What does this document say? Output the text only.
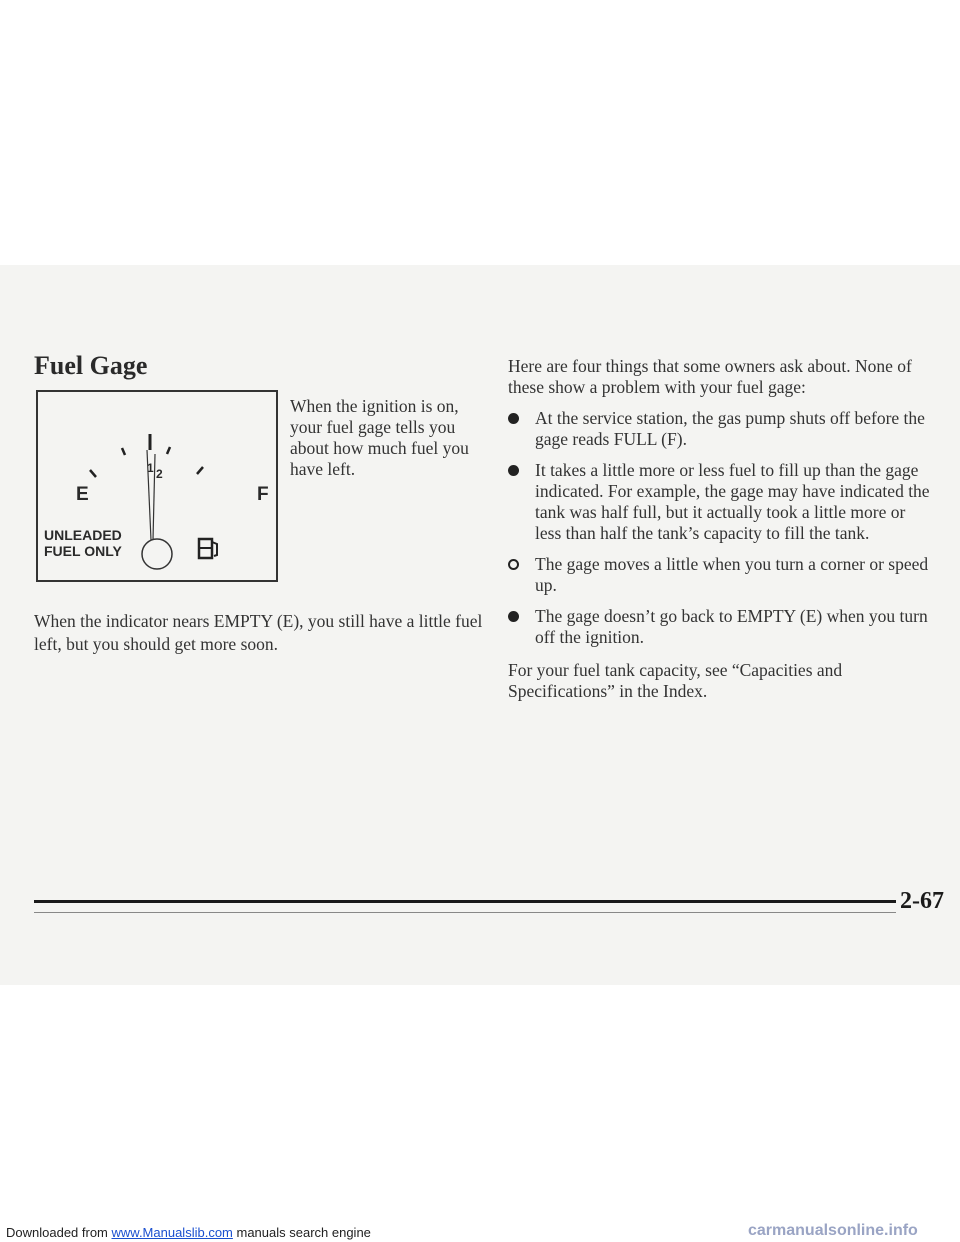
Fuel Gage
E	F
1 2
UNLEADED
FUEL ONLY

When the ignition is on, your fuel gage tells you about how much fuel you have left.

When the indicator nears EMPTY (E), you still have a little fuel left, but you should get more soon.

Here are four things that some owners ask about. None of these show a problem with your fuel gage:

At the service station, the gas pump shuts off before the gage reads FULL (F).
It takes a little more or less fuel to fill up than the gage indicated. For example, the gage may have indicated the tank was half full, but it actually took a little more or less than half the tank’s capacity to fill the tank.
The gage moves a little when you turn a corner or speed up.
The gage doesn’t go back to EMPTY (E) when you turn off the ignition.

For your fuel tank capacity, see “Capacities and Specifications” in the Index.

2-67

Downloaded from www.Manualslib.com manuals search engine	carmanualsonline.info
